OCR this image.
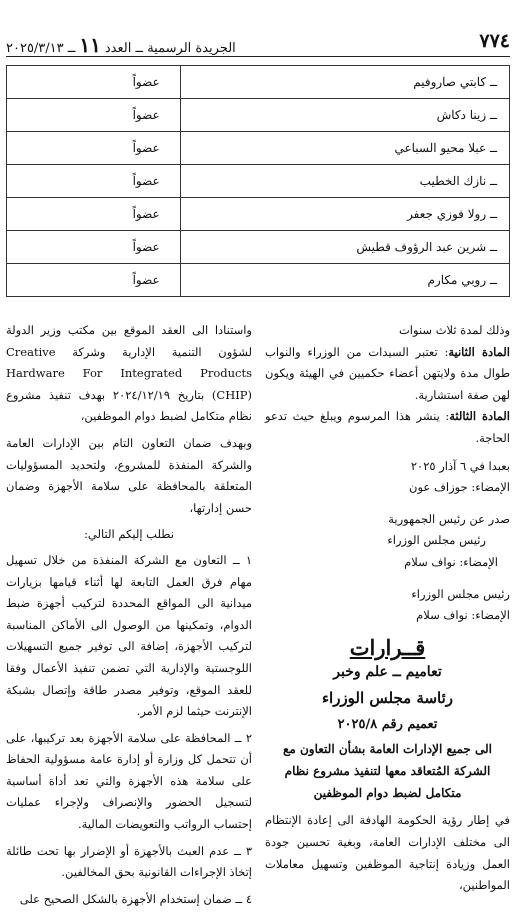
٧٧٤
الجريدة الرسمية ــ العدد١١ــ ٢٠٢٥/٣/١٣
ــ كابتي صاروفيم	عضواً
ــ زينا دكاش	عضواً
ــ عبلا محيو السباعي	عضواً
ــ نازك الخطيب	عضواً
ــ رولا فوزي جعفر	عضواً
ــ شرين عبد الرؤوف قطيش	عضواً
ــ روبي مكارم	عضواً

وذلك لمدة ثلاث سنوات

المادة الثانية: تعتبر السيدات من الوزراء والنواب طوال مدة ولايتهن أعضاء حكميين في الهيئة ويكون لهن صفة استشارية.

المادة الثالثة: ينشر هذا المرسوم ويبلغ حيث تدعو الحاجة.

بعبدا في ٦ آذار ٢٠٢٥

الإمضاء: جوزاف عون

صدر عن رئيس الجمهورية

رئيس مجلس الوزراء

الإمضاء: نواف سلام

رئيس مجلس الوزراء

الإمضاء: نواف سلام

قــرارات
تعاميم ــ علم وخبر
رئاسة مجلس الوزراء
تعميم رقم ٢٠٢٥/٨
الى جميع الإدارات العامة بشأن التعاون مع الشركة المُتعاقد معها لتنفيذ مشروع نظام متكامل لضبط دوام الموظفين

في إطار رؤية الحكومة الهادفة الى إعادة الإنتظام الى مختلف الإدارات العامة، وبغية تحسين جودة العمل وزيادة إنتاجية الموظفين وتسهيل معاملات المواطنين،

واستنادا الى العقد الموقع بين مكتب وزير الدولة لشؤون التنمية الإدارية وشركة Creative Hardware For Integrated Products (CHIP) بتاريخ ٢٠٢٤/١٢/١٩ بهدف تنفيذ مشروع نظام متكامل لضبط دوام الموظفين،

وبهدف ضمان التعاون التام بين الإدارات العامة والشركة المنفذة للمشروع، ولتحديد المسؤوليات المتعلقة بالمحافظة على سلامة الأجهزة وضمان حسن إدارتها،

نطلب إليكم التالي:

١ ــ التعاون مع الشركة المنفذة من خلال تسهيل مهام فرق العمل التابعة لها أثناء قيامها بزيارات ميدانية الى المواقع المحددة لتركيب أجهزة ضبط الدوام، وتمكينها من الوصول الى الأماكن المناسبة لتركيب الأجهزة، إضافة الى توفير جميع التسهيلات اللوجستية والإدارية التي تضمن تنفيذ الأعمال وفقا للعقد الموقع، وتوفير مصدر طاقة وإتصال بشبكة الإنترنت حيثما لزم الأمر.

٢ ــ المحافظة على سلامة الأجهزة بعد تركيبها، على أن تتحمل كل وزارة أو إدارة عامة مسؤولية الحفاظ على سلامة هذه الأجهزة والتي تعد أداة أساسية لتسجيل الحضور والإنصراف ولإجراء عمليات إحتساب الرواتب والتعويضات المالية.

٣ ــ عدم العبث بالأجهزة أو الإضرار بها تحت طائلة إتخاذ الإجراءات القانونية بحق المخالفين.

٤ ــ ضمان إستخدام الأجهزة بالشكل الصحيح على
